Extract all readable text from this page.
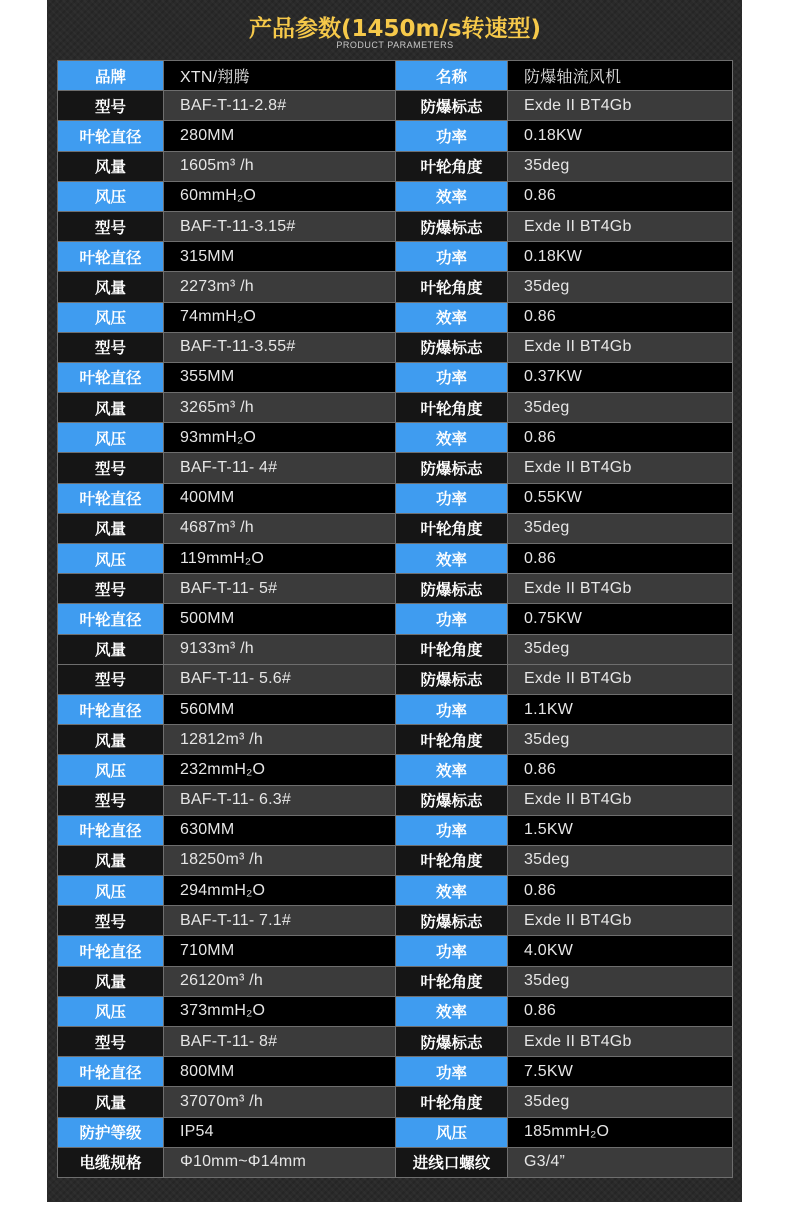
产品参数(1450m/s转速型)
PRODUCT PARAMETERS
品牌	XTN/翔腾	名称	防爆轴流风机
型号	BAF-T-11-2.8#	防爆标志	Exde II BT4Gb
叶轮直径	280MM	功率	0.18KW
风量	1605m³ /h	叶轮角度	35deg
风压	60mmH₂O	效率	0.86
型号	BAF-T-11-3.15#	防爆标志	Exde II BT4Gb
叶轮直径	315MM	功率	0.18KW
风量	2273m³ /h	叶轮角度	35deg
风压	74mmH₂O	效率	0.86
型号	BAF-T-11-3.55#	防爆标志	Exde II BT4Gb
叶轮直径	355MM	功率	0.37KW
风量	3265m³ /h	叶轮角度	35deg
风压	93mmH₂O	效率	0.86
型号	BAF-T-11- 4#	防爆标志	Exde II BT4Gb
叶轮直径	400MM	功率	0.55KW
风量	4687m³ /h	叶轮角度	35deg
风压	119mmH₂O	效率	0.86
型号	BAF-T-11- 5#	防爆标志	Exde II BT4Gb
叶轮直径	500MM	功率	0.75KW
风量	9133m³ /h	叶轮角度	35deg
型号	BAF-T-11- 5.6#	防爆标志	Exde II BT4Gb
叶轮直径	560MM	功率	1.1KW
风量	12812m³ /h	叶轮角度	35deg
风压	232mmH₂O	效率	0.86
型号	BAF-T-11- 6.3#	防爆标志	Exde II BT4Gb
叶轮直径	630MM	功率	1.5KW
风量	18250m³ /h	叶轮角度	35deg
风压	294mmH₂O	效率	0.86
型号	BAF-T-11- 7.1#	防爆标志	Exde II BT4Gb
叶轮直径	710MM	功率	4.0KW
风量	26120m³ /h	叶轮角度	35deg
风压	373mmH₂O	效率	0.86
型号	BAF-T-11- 8#	防爆标志	Exde II BT4Gb
叶轮直径	800MM	功率	7.5KW
风量	37070m³ /h	叶轮角度	35deg
防护等级	IP54	风压	185mmH₂O
电缆规格	Φ10mm~Φ14mm	进线口螺纹	G3/4”
